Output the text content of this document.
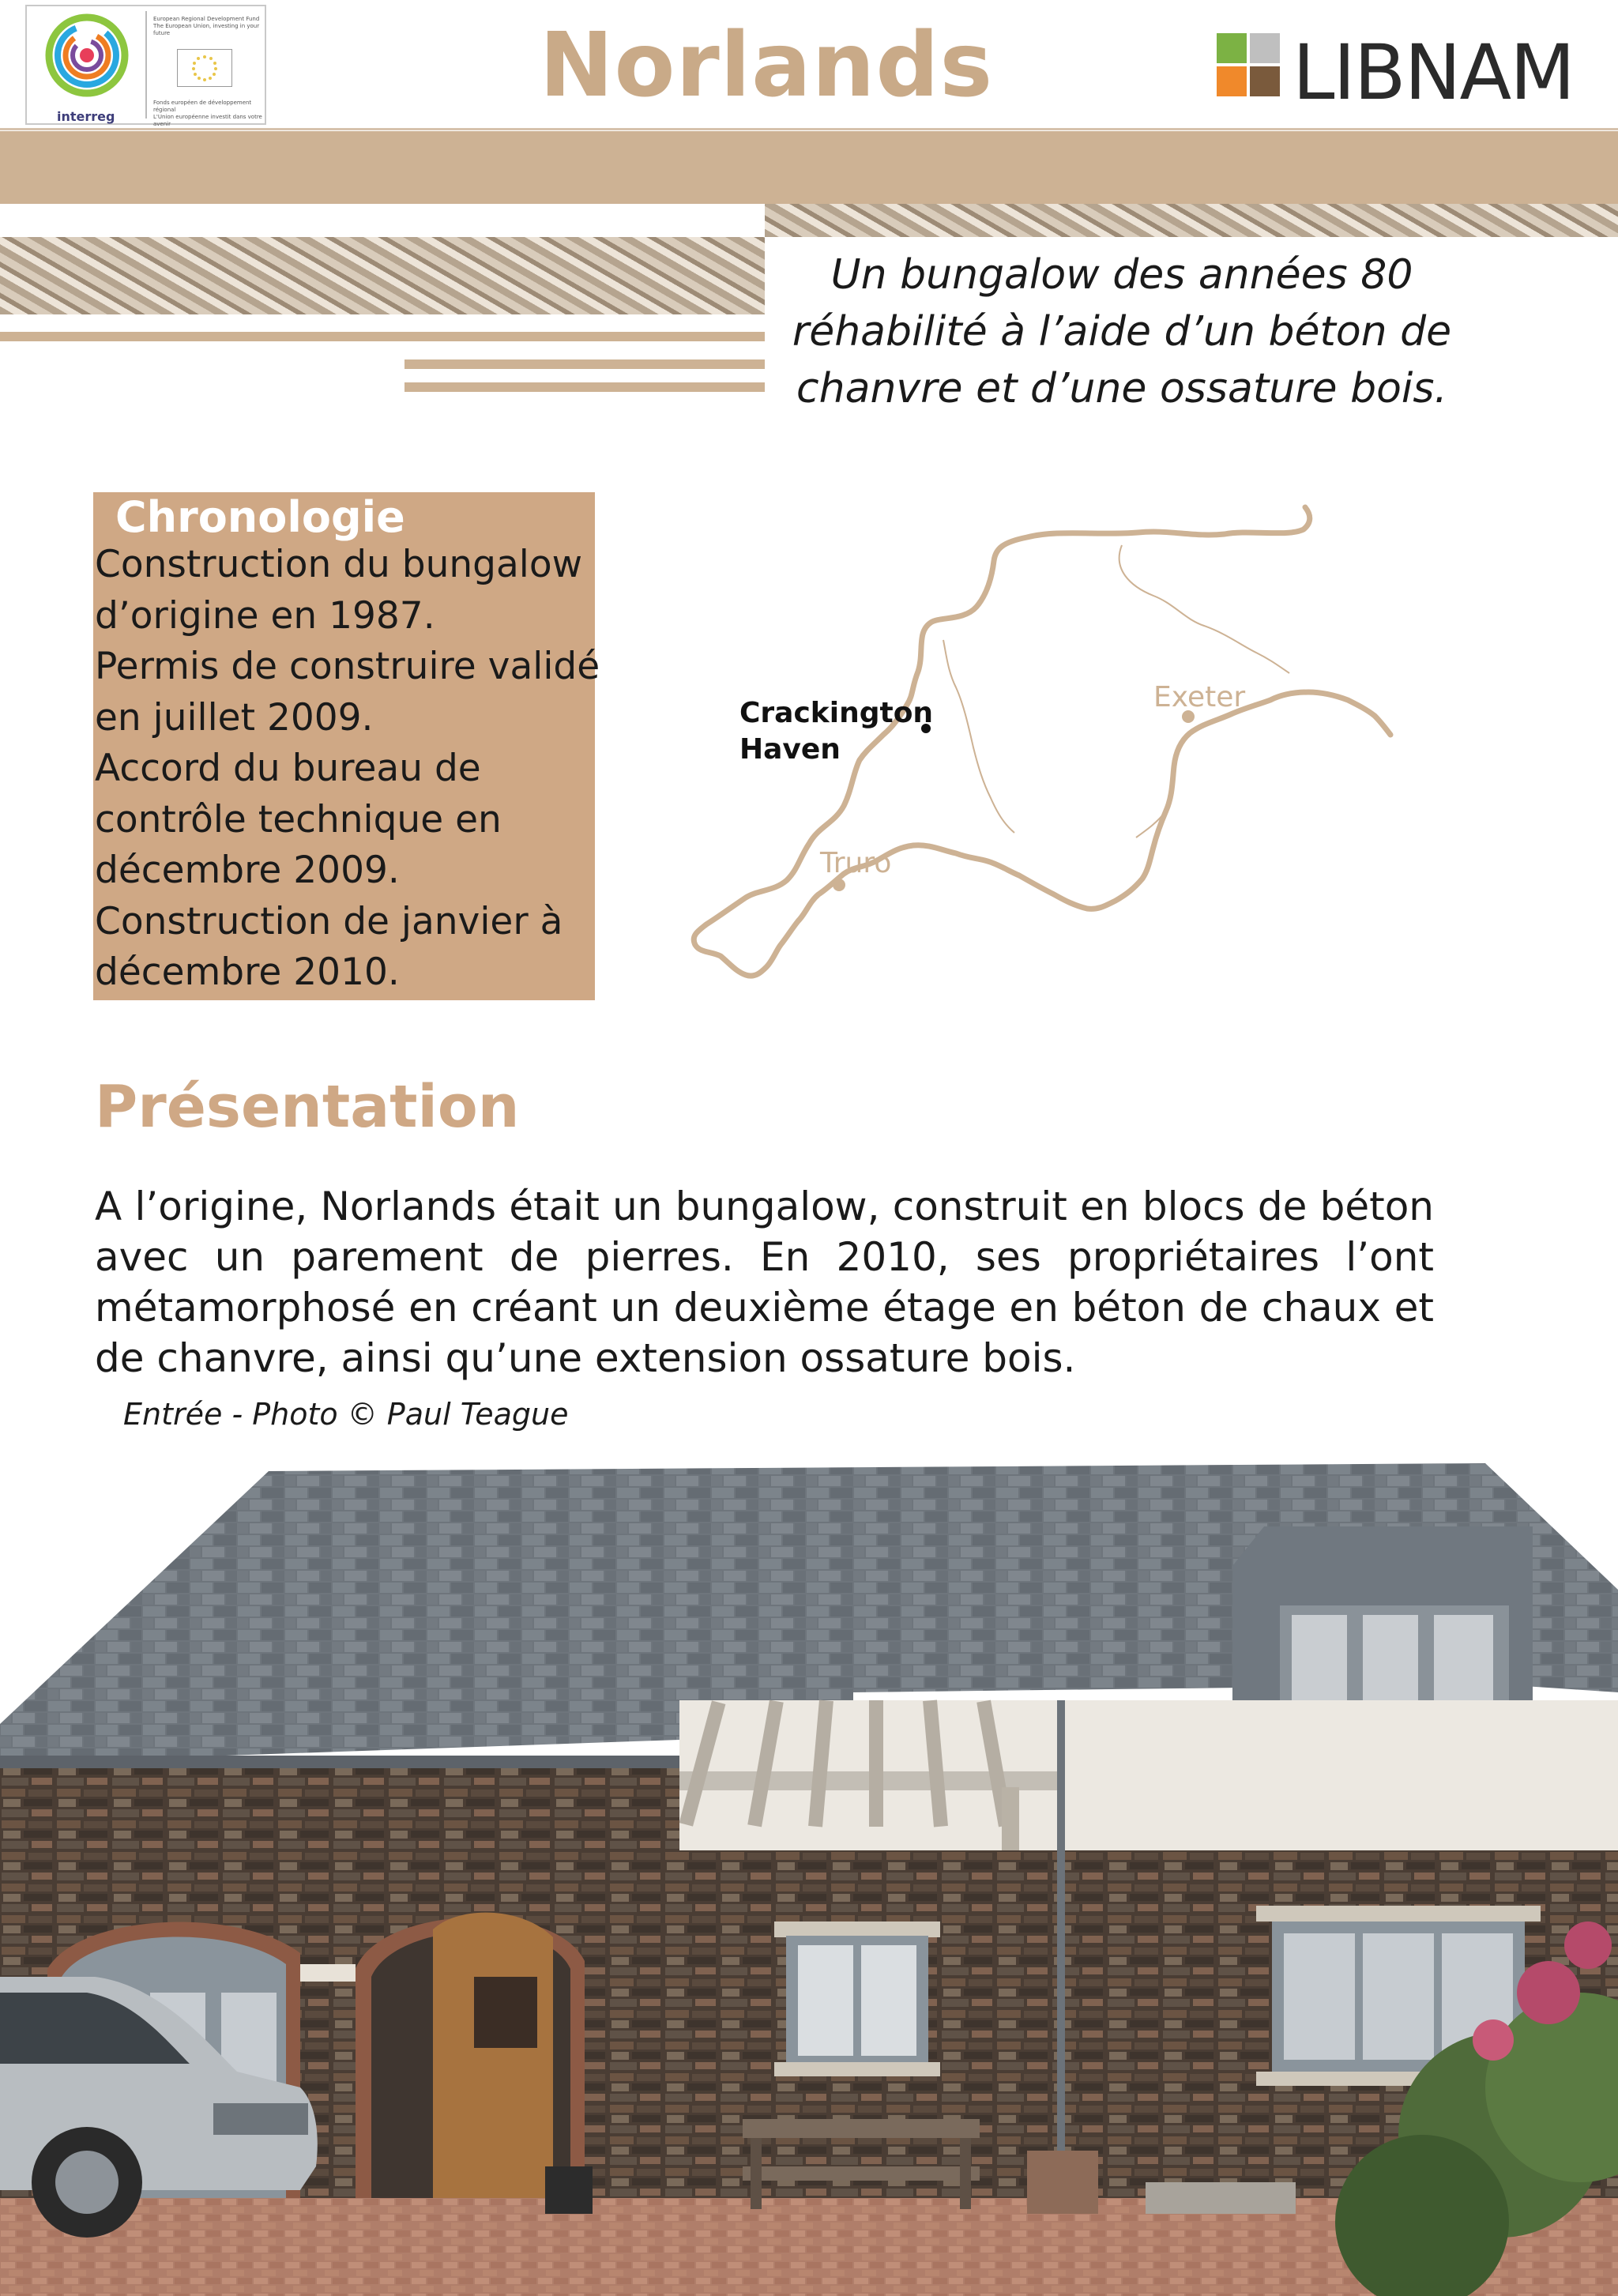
interreg
European Regional Development Fund
The European Union, investing in your future
Fonds européen de développement régional
L'Union européenne investit dans votre avenir
Norlands	LIBNAM
Un bungalow des années 80 réhabilité à l’aide d’un béton de chanvre et d’une ossature bois.
Chronologie
Construction du bungalow
d’origine en 1987.
Permis de construire validé
en juillet 2009.
Accord du bureau de
contrôle technique en
décembre 2009.
Construction de janvier à
décembre 2010.
Crackington
Haven
Exeter
Truro
Présentation
A l’origine, Norlands était un bungalow, construit en blocs de béton avec un parement de pierres. En 2010, ses propriétaires l’ont métamorphosé en créant un deuxième étage en béton de chaux et de chanvre, ainsi qu’une extension ossature bois.
Entrée - Photo © Paul Teague
